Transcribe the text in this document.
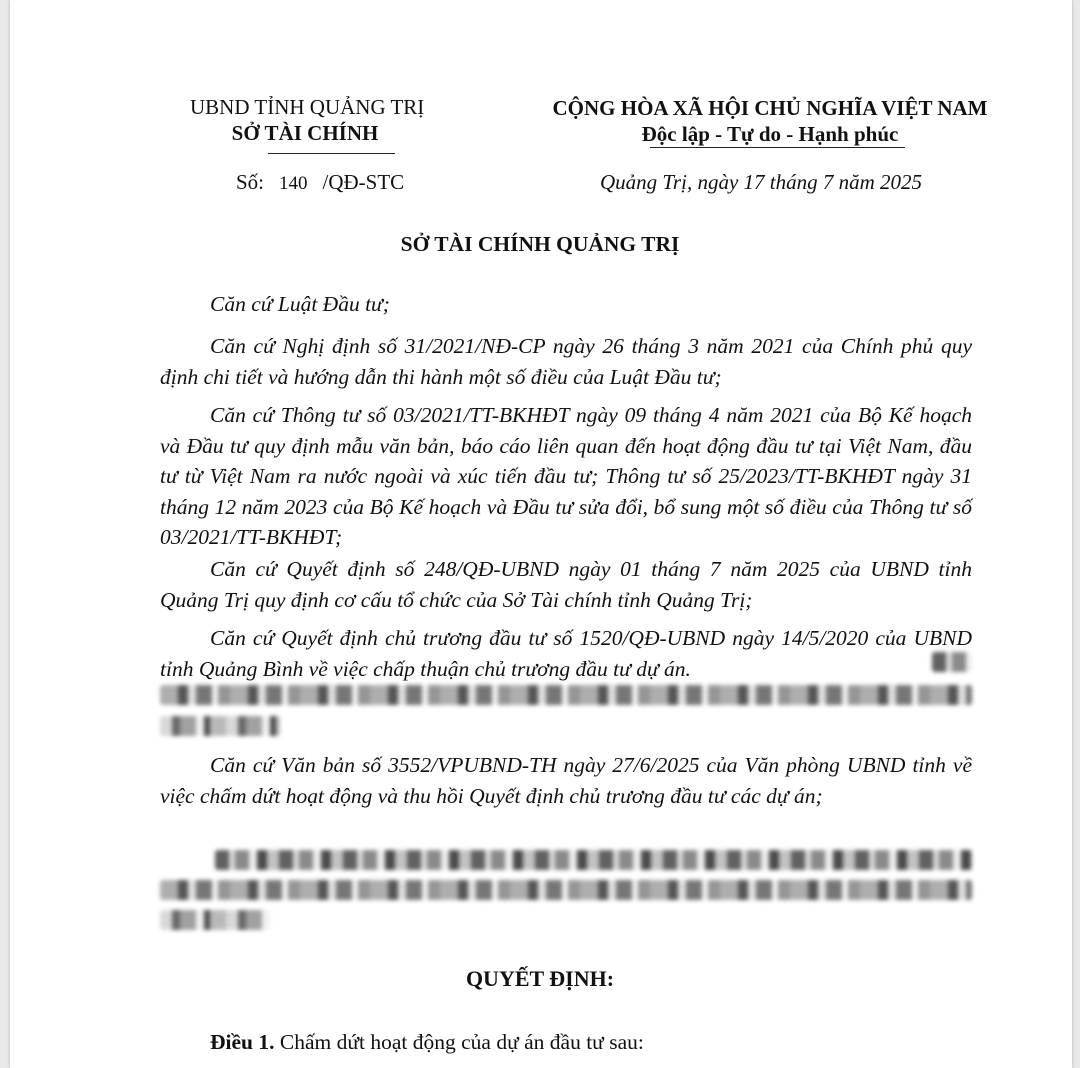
UBND TỈNH QUẢNG TRỊ
SỞ TÀI CHÍNH
Số: 140 /QĐ-STC
CỘNG HÒA XÃ HỘI CHỦ NGHĨA VIỆT NAM
Độc lập - Tự do - Hạnh phúc
Quảng Trị, ngày 17 tháng 7 năm 2025
SỞ TÀI CHÍNH QUẢNG TRỊ
Căn cứ Luật Đầu tư;
Căn cứ Nghị định số 31/2021/NĐ-CP ngày 26 tháng 3 năm 2021 của Chính phủ quy định chi tiết và hướng dẫn thi hành một số điều của Luật Đầu tư;
Căn cứ Thông tư số 03/2021/TT-BKHĐT ngày 09 tháng 4 năm 2021 của Bộ Kế hoạch và Đầu tư quy định mẫu văn bản, báo cáo liên quan đến hoạt động đầu tư tại Việt Nam, đầu tư từ Việt Nam ra nước ngoài và xúc tiến đầu tư; Thông tư số 25/2023/TT-BKHĐT ngày 31 tháng 12 năm 2023 của Bộ Kế hoạch và Đầu tư sửa đổi, bổ sung một số điều của Thông tư số 03/2021/TT-BKHĐT;
Căn cứ Quyết định số 248/QĐ-UBND ngày 01 tháng 7 năm 2025 của UBND tỉnh Quảng Trị quy định cơ cấu tổ chức của Sở Tài chính tỉnh Quảng Trị;
Căn cứ Quyết định chủ trương đầu tư số 1520/QĐ-UBND ngày 14/5/2020 của UBND tỉnh Quảng Bình về việc chấp thuận chủ trương đầu tư dự án.
Căn cứ Văn bản số 3552/VPUBND-TH ngày 27/6/2025 của Văn phòng UBND tỉnh về việc chấm dứt hoạt động và thu hồi Quyết định chủ trương đầu tư các dự án;
QUYẾT ĐỊNH:
Điều 1. Chấm dứt hoạt động của dự án đầu tư sau:
